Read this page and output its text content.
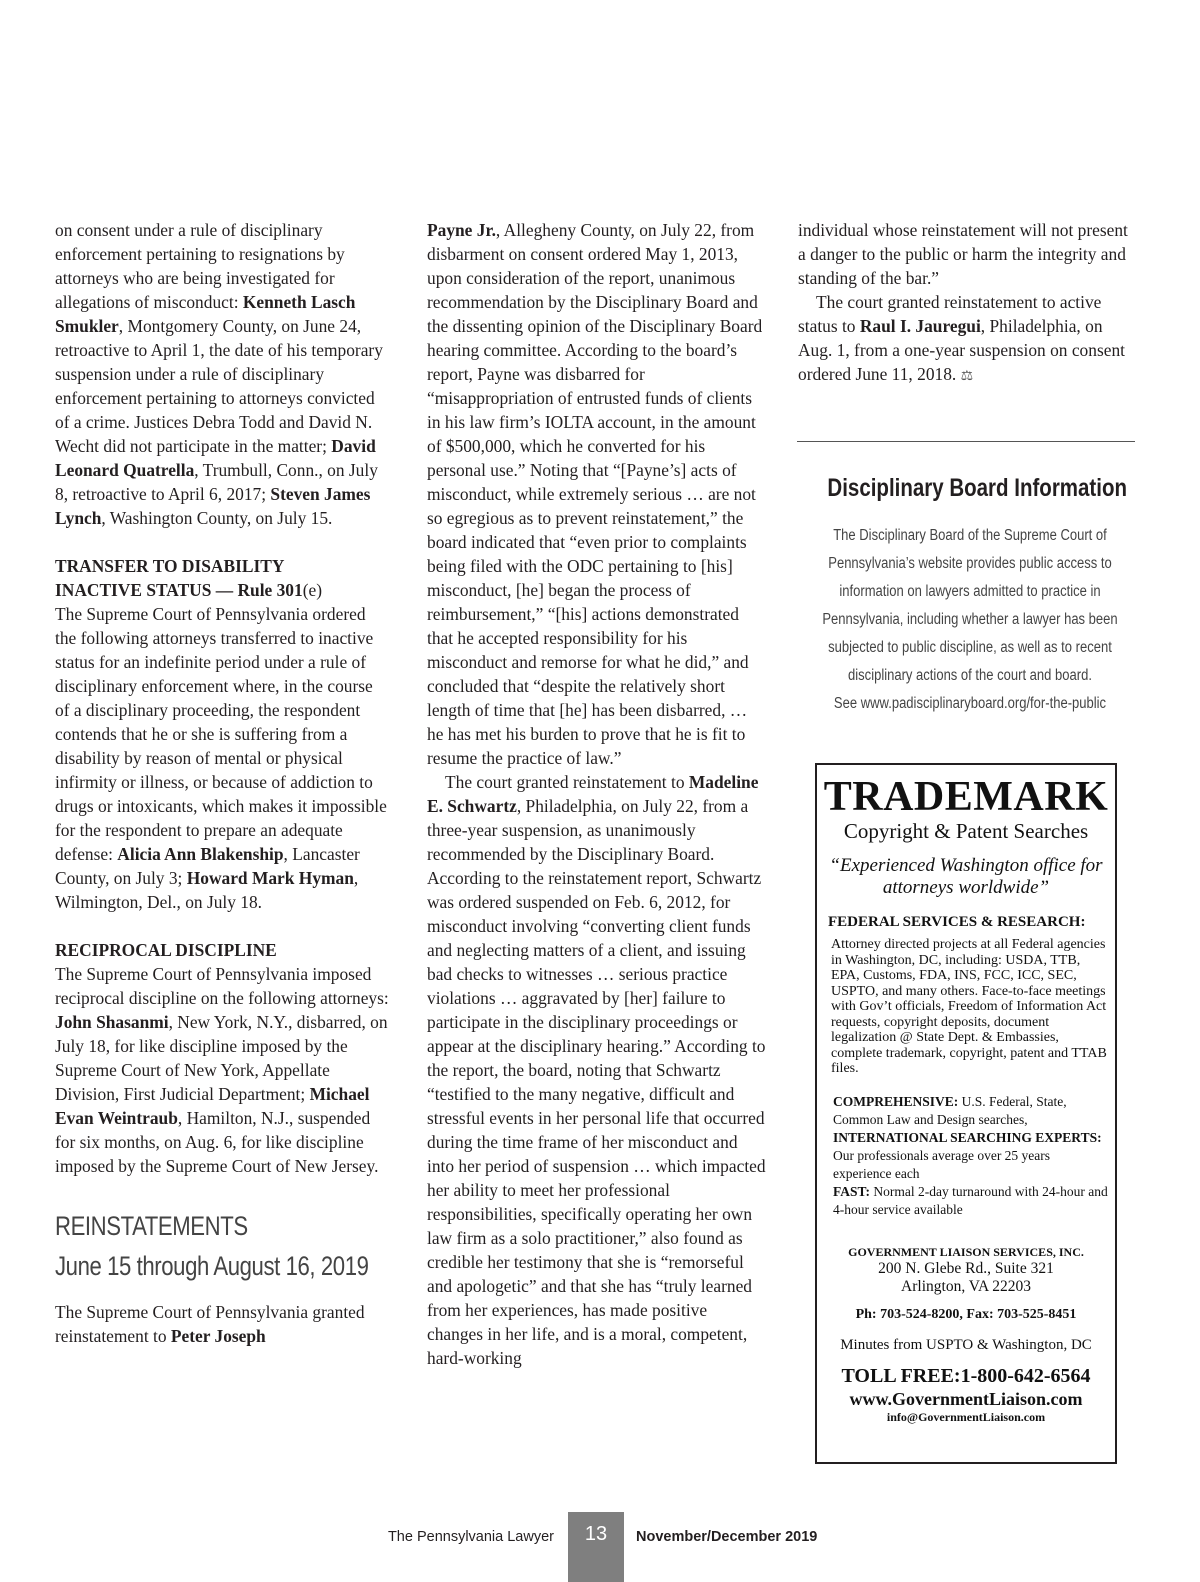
on consent under a rule of disciplinary enforcement pertaining to resignations by attorneys who are being investigated for allegations of misconduct: Kenneth Lasch Smukler, Montgomery County, on June 24, retroactive to April 1, the date of his temporary suspension under a rule of disciplinary enforcement pertaining to attorneys convicted of a crime. Justices Debra Todd and David N. Wecht did not participate in the matter; David Leonard Quatrella, Trumbull, Conn., on July 8, retroactive to April 6, 2017; Steven James Lynch, Washington County, on July 15.

TRANSFER TO DISABILITY
INACTIVE STATUS — Rule 301(e)

The Supreme Court of Pennsylvania ordered the following attorneys transferred to inactive status for an indefinite period under a rule of disciplinary enforcement where, in the course of a disciplinary proceeding, the respondent contends that he or she is suffering from a disability by reason of mental or physical infirmity or illness, or because of addiction to drugs or intoxicants, which makes it impossible for the respondent to prepare an adequate defense: Alicia Ann Blakenship, Lancaster County, on July 3; Howard Mark Hyman, Wilmington, Del., on July 18.

RECIPROCAL DISCIPLINE

The Supreme Court of Pennsylvania imposed reciprocal discipline on the following attorneys: John Shasanmi, New York, N.Y., disbarred, on July 18, for like discipline imposed by the Supreme Court of New York, Appellate Division, First Judicial Department; Michael Evan Weintraub, Hamilton, N.J., suspended for six months, on Aug. 6, for like discipline imposed by the Supreme Court of New Jersey.

REINSTATEMENTS
June 15 through August 16, 2019

The Supreme Court of Pennsylvania granted reinstatement to Peter Joseph

Payne Jr., Allegheny County, on July 22, from disbarment on consent ordered May 1, 2013, upon consideration of the report, unanimous recommendation by the Disciplinary Board and the dissenting opinion of the Disciplinary Board hearing committee. According to the board’s report, Payne was disbarred for “misappropriation of entrusted funds of clients in his law firm’s IOLTA account, in the amount of $500,000, which he converted for his personal use.” Noting that “[Payne’s] acts of misconduct, while extremely serious … are not so egregious as to prevent reinstatement,” the board indicated that “even prior to complaints being filed with the ODC pertaining to [his] misconduct, [he] began the process of reimbursement,” “[his] actions demonstrated that he accepted responsibility for his misconduct and remorse for what he did,” and concluded that “despite the relatively short length of time that [he] has been disbarred, … he has met his burden to prove that he is fit to resume the practice of law.”

The court granted reinstatement to Madeline E. Schwartz, Philadelphia, on July 22, from a three-year suspension, as unanimously recommended by the Disciplinary Board. According to the reinstatement report, Schwartz was ordered suspended on Feb. 6, 2012, for misconduct involving “converting client funds and neglecting matters of a client, and issuing bad checks to witnesses … serious practice violations … aggravated by [her] failure to participate in the disciplinary proceedings or appear at the disciplinary hearing.” According to the report, the board, noting that Schwartz “testified to the many negative, difficult and stressful events in her personal life that occurred during the time frame of her misconduct and into her period of suspension … which impacted her ability to meet her professional responsibilities, specifically operating her own law firm as a solo practitioner,” also found as credible her testimony that she is “remorseful and apologetic” and that she has “truly learned from her experiences, has made positive changes in her life, and is a moral, competent, hard-working

individual whose reinstatement will not present a danger to the public or harm the integrity and standing of the bar.”

The court granted reinstatement to active status to Raul I. Jauregui, Philadelphia, on Aug. 1, from a one-year suspension on consent ordered June 11, 2018. ⚖

Disciplinary Board Information
The Disciplinary Board of the Supreme Court of Pennsylvania’s website provides public access to information on lawyers admitted to practice in Pennsylvania, including whether a lawyer has been subjected to public discipline, as well as to recent disciplinary actions of the court and board.
See www.padisciplinaryboard.org/for-the-public
TRADEMARK
Copyright & Patent Searches
“Experienced Washington office for attorneys worldwide”
FEDERAL SERVICES & RESEARCH:
Attorney directed projects at all Federal agencies in Washington, DC, including: USDA, TTB, EPA, Customs, FDA, INS, FCC, ICC, SEC, USPTO, and many others. Face-to-face meetings with Gov’t officials, Freedom of Information Act requests, copyright deposits, document legalization @ State Dept. & Embassies, complete trademark, copyright, patent and TTAB files.
COMPREHENSIVE: U.S. Federal, State, Common Law and Design searches,
INTERNATIONAL SEARCHING EXPERTS: Our professionals average over 25 years experience each
FAST: Normal 2-day turnaround with 24-hour and 4-hour service available
GOVERNMENT LIAISON SERVICES, INC.
200 N. Glebe Rd., Suite 321
Arlington, VA 22203
Ph: 703-524-8200, Fax: 703-525-8451
Minutes from USPTO & Washington, DC
TOLL FREE:1-800-642-6564
www.GovernmentLiaison.com
info@GovernmentLiaison.com
The Pennsylvania Lawyer	13	November/December 2019
